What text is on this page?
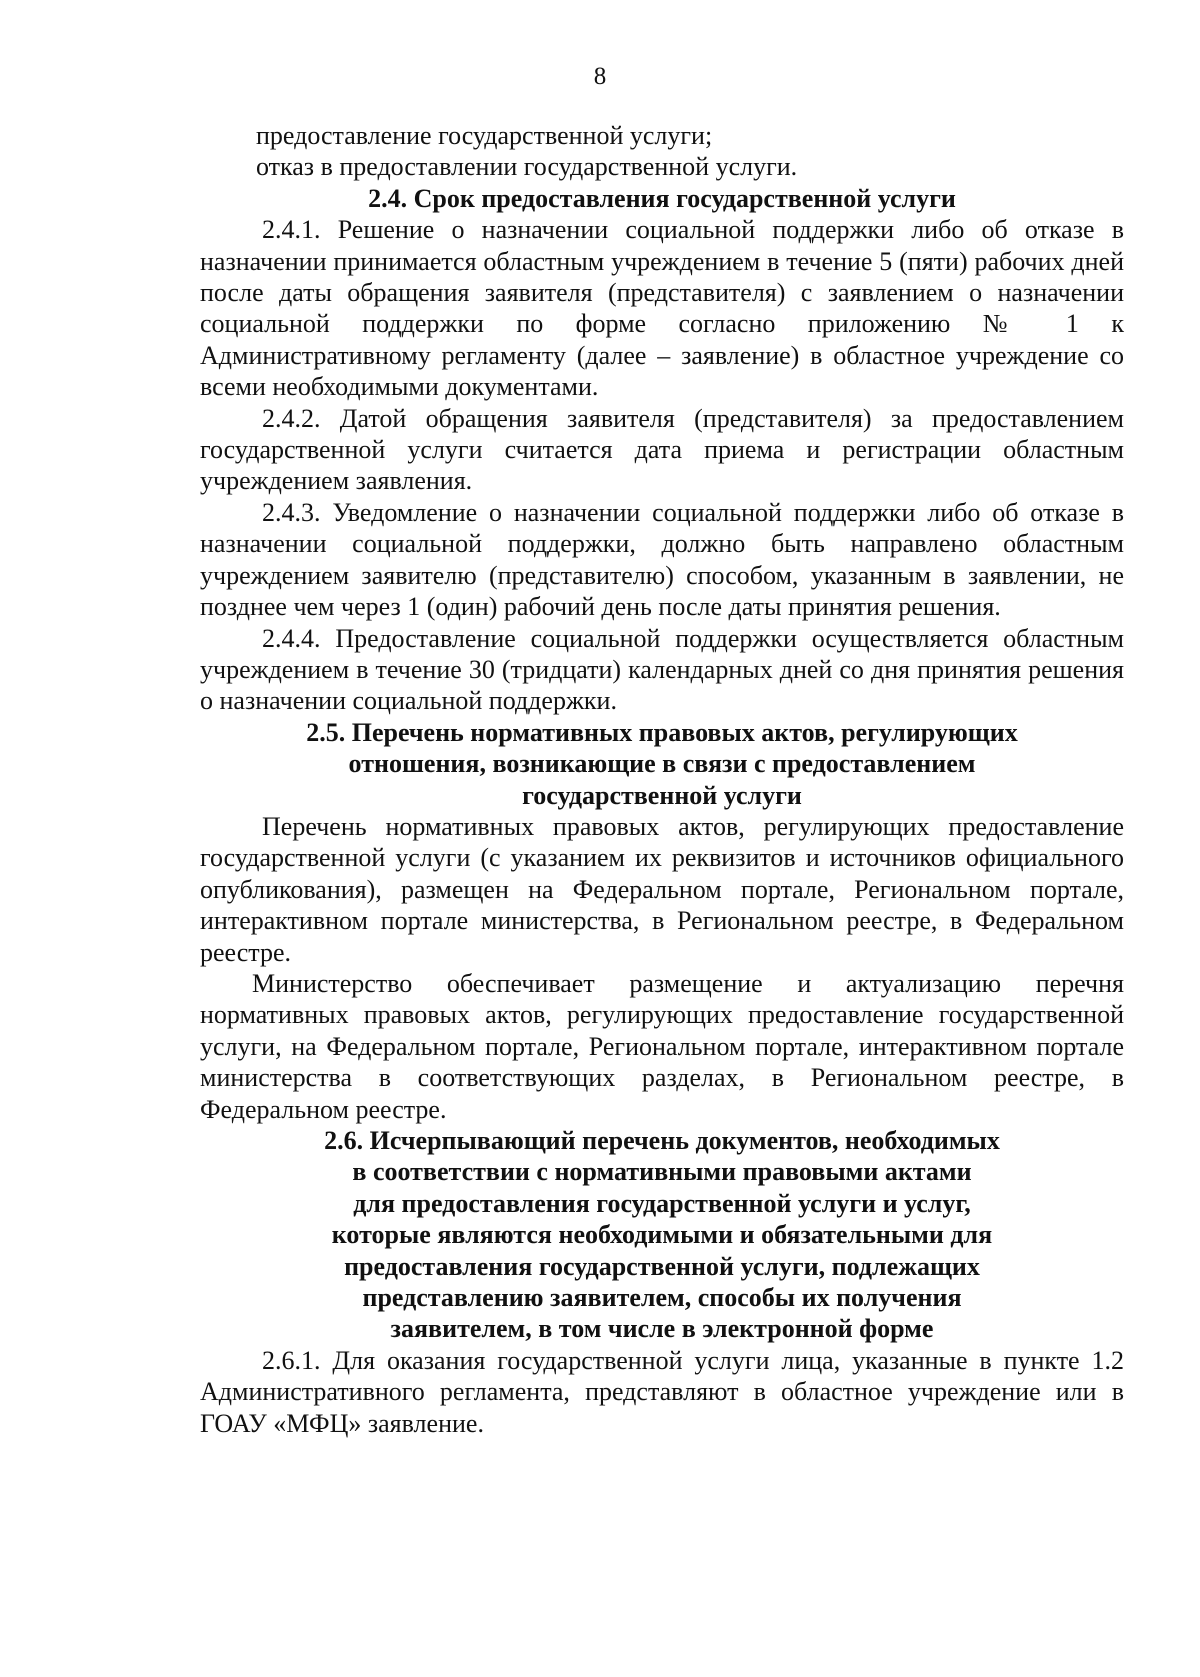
8

предоставление государственной услуги;

отказ в предоставлении государственной услуги.

2.4. Срок предоставления государственной услуги

2.4.1. Решение о назначении социальной поддержки либо об отказе в назначении принимается областным учреждением в течение 5 (пяти) рабочих дней после даты обращения заявителя (представителя) с заявлением о назначении социальной поддержки по форме согласно приложению № 1 к Административному регламенту (далее – заявление) в областное учреждение со всеми необходимыми документами.

2.4.2. Датой обращения заявителя (представителя) за предоставлением государственной услуги считается дата приема и регистрации областным учреждением заявления.

2.4.3. Уведомление о назначении социальной поддержки либо об отказе в назначении социальной поддержки, должно быть направлено областным учреждением заявителю (представителю) способом, указанным в заявлении, не позднее чем через 1 (один) рабочий день после даты принятия решения.

2.4.4. Предоставление социальной поддержки осуществляется областным учреждением в течение 30 (тридцати) календарных дней со дня принятия решения о назначении социальной поддержки.

2.5. Перечень нормативных правовых актов, регулирующих
отношения, возникающие в связи с предоставлением
государственной услуги

Перечень нормативных правовых актов, регулирующих предоставление государственной услуги (с указанием их реквизитов и источников официального опубликования), размещен на Федеральном портале, Региональном портале, интерактивном портале министерства, в Региональном реестре, в Федеральном реестре.

Министерство обеспечивает размещение и актуализацию перечня нормативных правовых актов, регулирующих предоставление государственной услуги, на Федеральном портале, Региональном портале, интерактивном портале министерства в соответствующих разделах, в Региональном реестре, в Федеральном реестре.

2.6. Исчерпывающий перечень документов, необходимых
в соответствии с нормативными правовыми актами
для предоставления государственной услуги и услуг,
которые являются необходимыми и обязательными для
предоставления государственной услуги, подлежащих
представлению заявителем, способы их получения
заявителем, в том числе в электронной форме

2.6.1. Для оказания государственной услуги лица, указанные в пункте 1.2 Административного регламента, представляют в областное учреждение или в ГОАУ «МФЦ» заявление.
